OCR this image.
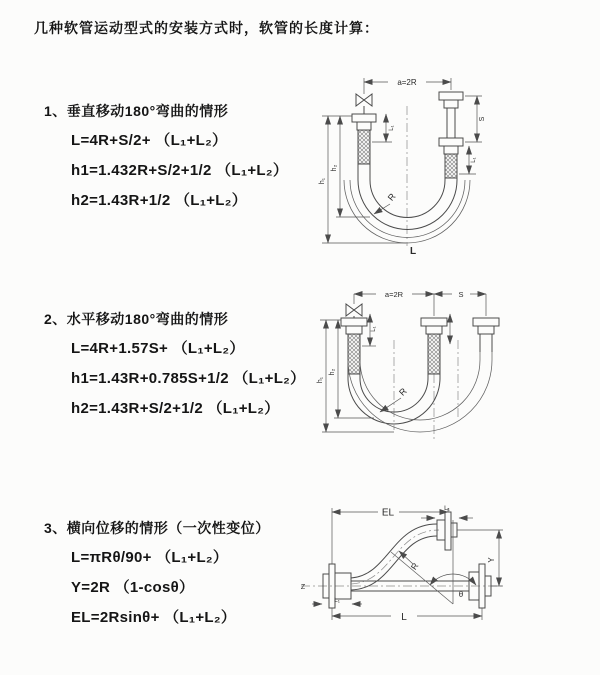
几种软管运动型式的安装方式时，软管的长度计算：
1、垂直移动180°弯曲的情形
L=4R+S/2+ （L₁+L₂）
h1=1.432R+S/2+1/2 （L₁+L₂）
h2=1.43R+1/2 （L₁+L₂）
2、水平移动180°弯曲的情形
L=4R+1.57S+ （L₁+L₂）
h1=1.43R+0.785S+1/2 （L₁+L₂）
h2=1.43R+S/2+1/2 （L₁+L₂）
3、横向位移的情形（一次性变位）
L=πRθ/90+ （L₁+L₂）
Y=2R （1-cosθ）
EL=2Rsinθ+ （L₁+L₂）
a=2R
h₁
h₂
L₁
S
L₁
R
L
a=2R	S
h₁
h₂
L₁
R
Z
EL	L₁
Y
L
L₁
θ
R
